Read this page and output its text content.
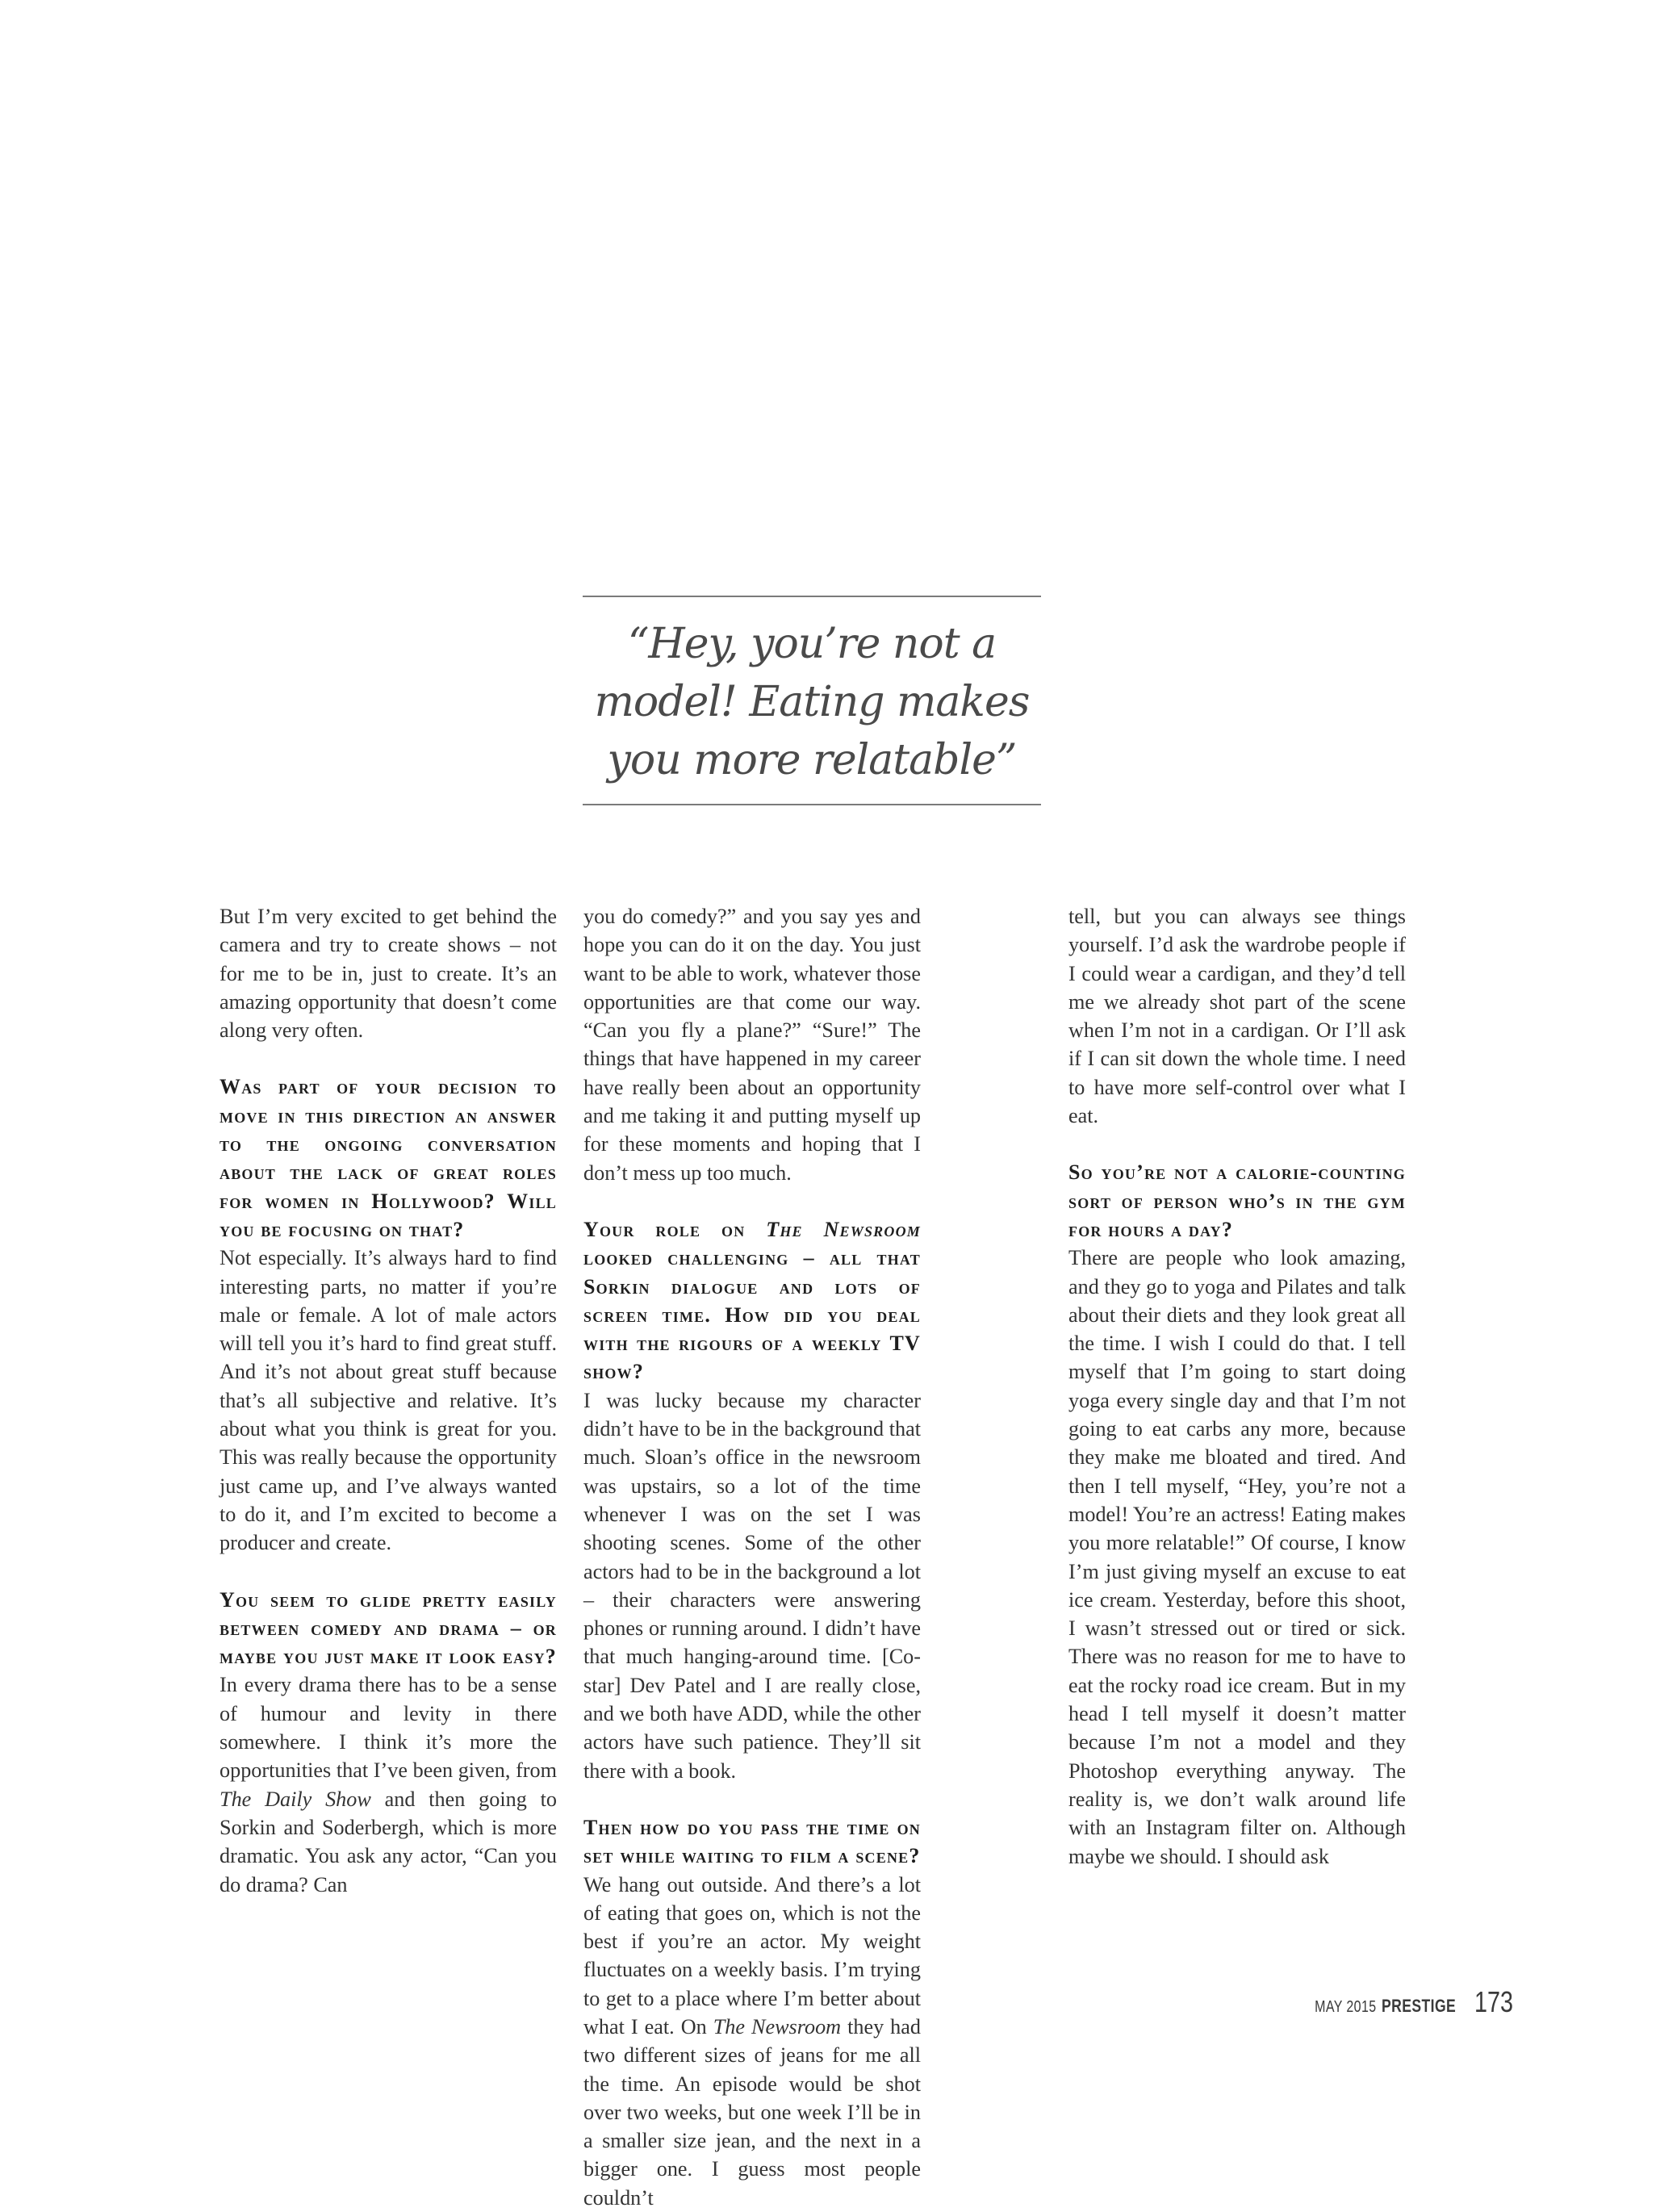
“Hey, you’re not a
model! Eating makes
you more relatable”

But I’m very excited to get behind the camera and try to create shows – not for me to be in, just to create. It’s an amazing opportunity that doesn’t come along very often.

Was part of your decision to move in this direction an answer to the ongoing conversation about the lack of great roles for women in Hollywood? Will you be focusing on that?

Not especially. It’s always hard to find interesting parts, no matter if you’re male or female. A lot of male actors will tell you it’s hard to find great stuff. And it’s not about great stuff because that’s all subjective and relative. It’s about what you think is great for you. This was really because the opportunity just came up, and I’ve always wanted to do it, and I’m excited to become a producer and create.

You seem to glide pretty easily between comedy and drama – or maybe you just make it look easy?

In every drama there has to be a sense of humour and levity in there somewhere. I think it’s more the opportunities that I’ve been given, from The Daily Show and then going to Sorkin and Soderbergh, which is more dramatic. You ask any actor, “Can you do drama? Can

you do comedy?” and you say yes and hope you can do it on the day. You just want to be able to work, whatever those opportunities are that come our way. “Can you fly a plane?” “Sure!” The things that have happened in my career have really been about an opportunity and me taking it and putting myself up for these moments and hoping that I don’t mess up too much.

Your role on The Newsroom looked challenging – all that Sorkin dialogue and lots of screen time. How did you deal with the rigours of a weekly TV show?

I was lucky because my character didn’t have to be in the background that much. Sloan’s office in the newsroom was upstairs, so a lot of the time whenever I was on the set I was shooting scenes. Some of the other actors had to be in the background a lot – their characters were answering phones or running around. I didn’t have that much hanging-around time. [Co-star] Dev Patel and I are really close, and we both have ADD, while the other actors have such patience. They’ll sit there with a book.

Then how do you pass the time on set while waiting to film a scene?

We hang out outside. And there’s a lot of eating that goes on, which is not the best if you’re an actor. My weight fluctuates on a weekly basis. I’m trying to get to a place where I’m better about what I eat. On The Newsroom they had two different sizes of jeans for me all the time. An episode would be shot over two weeks, but one week I’ll be in a smaller size jean, and the next in a bigger one. I guess most people couldn’t

tell, but you can always see things yourself. I’d ask the wardrobe people if I could wear a cardigan, and they’d tell me we already shot part of the scene when I’m not in a cardigan. Or I’ll ask if I can sit down the whole time. I need to have more self-control over what I eat.

So you’re not a calorie-counting sort of person who’s in the gym for hours a day?

There are people who look amazing, and they go to yoga and Pilates and talk about their diets and they look great all the time. I wish I could do that. I tell myself that I’m going to start doing yoga every single day and that I’m not going to eat carbs any more, because they make me bloated and tired. And then I tell myself, “Hey, you’re not a model! You’re an actress! Eating makes you more relatable!” Of course, I know I’m just giving myself an excuse to eat ice cream. Yesterday, before this shoot, I wasn’t stressed out or tired or sick. There was no reason for me to have to eat the rocky road ice cream. But in my head I tell myself it doesn’t matter because I’m not a model and they Photoshop everything anyway. The reality is, we don’t walk around life with an Instagram filter on. Although maybe we should. I should ask

MAY 2015 PRESTIGE 173
